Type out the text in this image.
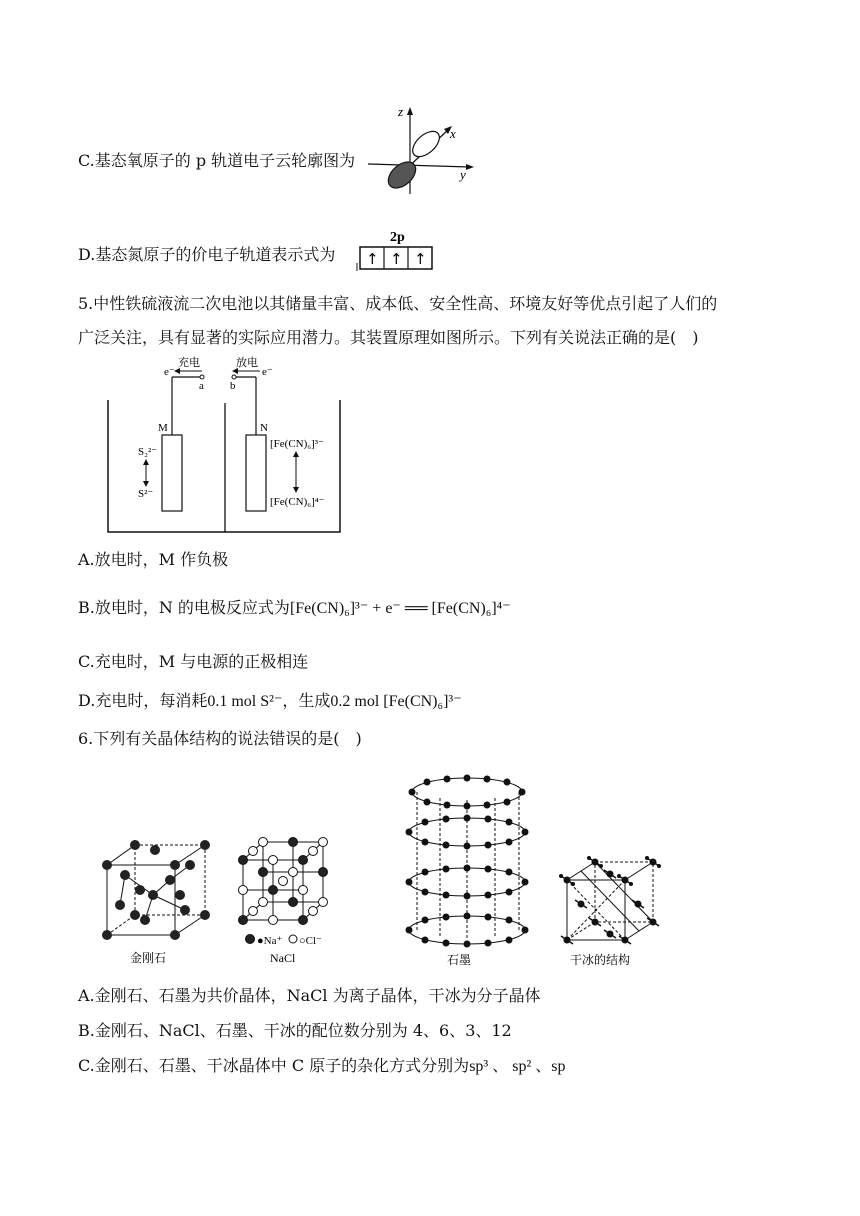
C.基态氧原子的 p 轨道电子云轮廓图为
z
x
y
D.基态氮原子的价电子轨道表示式为
2p
↑ ↑ ↑
5.中性铁硫液流二次电池以其储量丰富、成本低、安全性高、环境友好等优点引起了人们的
广泛关注，具有显著的实际应用潜力。其装置原理如图所示。下列有关说法正确的是(　)
充电	放电
e⁻	e⁻
a b
M	N
S₂²⁻
S²⁻
[Fe(CN)₆]³⁻
[Fe(CN)₆]⁴⁻
A.放电时，M 作负极
B.放电时，N 的电极反应式为[Fe(CN)₆]³⁻ + e⁻ ══ [Fe(CN)₆]⁴⁻
C.充电时，M 与电源的正极相连
D.充电时，每消耗0.1 mol S²⁻，生成0.2 mol [Fe(CN)₆]³⁻
6.下列有关晶体结构的说法错误的是(　)
金刚石
●Na⁺ ○Cl⁻
NaCl	石墨	干冰的结构
A.金刚石、石墨为共价晶体，NaCl 为离子晶体，干冰为分子晶体
B.金刚石、NaCl、石墨、干冰的配位数分别为 4、6、3、12
C.金刚石、石墨、干冰晶体中 C 原子的杂化方式分别为sp³ 、 sp² 、sp
